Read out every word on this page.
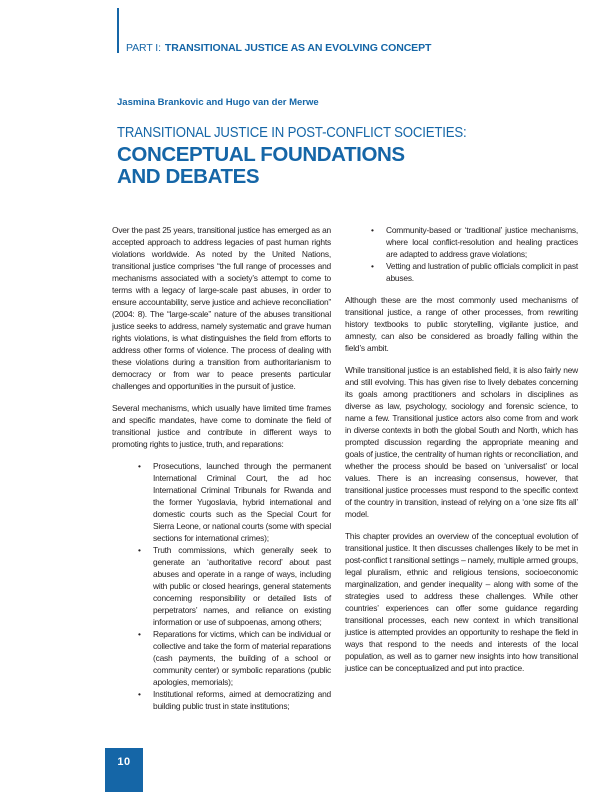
PART I: TRANSITIONAL JUSTICE AS AN EVOLVING CONCEPT
Jasmina Brankovic and Hugo van der Merwe
TRANSITIONAL JUSTICE IN POST-CONFLICT SOCIETIES:
CONCEPTUAL FOUNDATIONS
AND DEBATES

Over the past 25 years, transitional justice has emerged as an accepted approach to address legacies of past human rights violations worldwide. As noted by the United Nations, transitional justice comprises “the full range of processes and mechanisms associated with a society’s attempt to come to terms with a legacy of large-scale past abuses, in order to ensure accountability, serve justice and achieve reconciliation” (2004: 8). The “large-scale” nature of the abuses transitional justice seeks to address, namely systematic and grave human rights violations, is what distinguishes the field from efforts to address other forms of violence. The process of dealing with these violations during a transition from authoritarianism to democracy or from war to peace presents particular challenges and opportunities in the pursuit of justice.

Several mechanisms, which usually have limited time frames and specific mandates, have come to dominate the field of transitional justice and contribute in different ways to promoting rights to justice, truth, and reparations:

•	Prosecutions, launched through the permanent International Criminal Court, the ad hoc International Criminal Tribunals for Rwanda and the former Yugoslavia, hybrid international and domestic courts such as the Special Court for Sierra Leone, or national courts (some with special sections for international crimes);
•	Truth commissions, which generally seek to generate an ‘authoritative record’ about past abuses and operate in a range of ways, including with public or closed hearings, general statements concerning responsibility or detailed lists of perpetrators’ names, and reliance on existing information or use of subpoenas, among others;
•	Reparations for victims, which can be individual or collective and take the form of material reparations (cash payments, the building of a school or community center) or symbolic reparations (public apologies, memorials);
•	Institutional reforms, aimed at democratizing and building public trust in state institutions;
•	Community-based or ‘traditional’ justice mechanisms, where local conflict-resolution and healing practices are adapted to address grave violations;
•	Vetting and lustration of public officials complicit in past abuses.

Although these are the most commonly used mechanisms of transitional justice, a range of other processes, from rewriting history textbooks to public storytelling, vigilante justice, and amnesty, can also be considered as broadly falling within the field’s ambit.

While transitional justice is an established field, it is also fairly new and still evolving. This has given rise to lively debates concerning its goals among practitioners and scholars in disciplines as diverse as law, psychology, sociology and forensic science, to name a few. Transitional justice actors also come from and work in diverse contexts in both the global South and North, which has prompted discussion regarding the appropriate meaning and goals of justice, the centrality of human rights or reconciliation, and whether the process should be based on ‘universalist’ or local values. There is an increasing consensus, however, that transitional justice processes must respond to the specific context of the country in transition, instead of relying on a ‘one size fits all’ model.

This chapter provides an overview of the conceptual evolution of transitional justice. It then discusses challenges likely to be met in post-conflict t ransitional settings – namely, multiple armed groups, legal pluralism, ethnic and religious tensions, socioeconomic marginalization, and gender inequality – along with some of the strategies used to address these challenges. While other countries’ experiences can offer some guidance regarding transitional processes, each new context in which transitional justice is attempted provides an opportunity to reshape the field in ways that respond to the needs and interests of the local population, as well as to garner new insights into how transitional justice can be conceptualized and put into practice.

10
